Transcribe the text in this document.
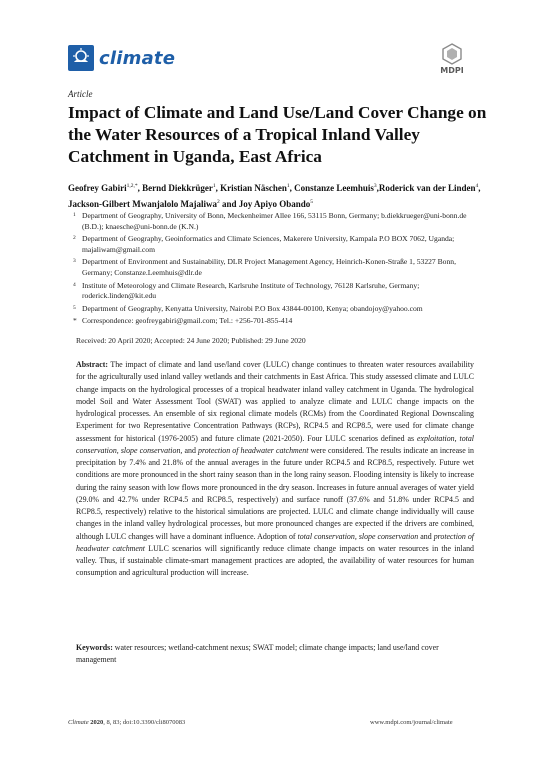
climate
MDPI
Article
Impact of Climate and Land Use/Land Cover Change on the Water Resources of a Tropical Inland Valley Catchment in Uganda, East Africa
Geofrey Gabiri$^{1,2,*}$, Bernd Diekkrüger$^1$, Kristian Näschen$^1$, Constanze Leemhuis$^3$,Roderick van der Linden$^4$, Jackson-Gilbert Mwanjalolo Majaliwa$^2$ and Joy Apiyo Obando$^5$
1 Department of Geography, University of Bonn, Meckenheimer Allee 166, 53115 Bonn, Germany; b.diekkrueger@uni-bonn.de (B.D.); knaesche@uni-bonn.de (K.N.)
2 Department of Geography, Geoinformatics and Climate Sciences, Makerere University, Kampala P.O BOX 7062, Uganda; majaliwam@gmail.com
3 Department of Environment and Sustainability, DLR Project Management Agency, Heinrich-Konen-Straße 1, 53227 Bonn, Germany; Constanze.Leemhuis@dlr.de
4 Institute of Meteorology and Climate Research, Karlsruhe Institute of Technology, 76128 Karlsruhe, Germany; roderick.linden@kit.edu
5 Department of Geography, Kenyatta University, Nairobi P.O Box 43844-00100, Kenya; obandojoy@yahoo.com
* Correspondence: geofreygabiri@gmail.com; Tel.: +256-701-855-414
Received: 20 April 2020; Accepted: 24 June 2020; Published: 29 June 2020
Abstract: The impact of climate and land use/land cover (LULC) change continues to threaten water resources availability for the agriculturally used inland valley wetlands and their catchments in East Africa. This study assessed climate and LULC change impacts on the hydrological processes of a tropical headwater inland valley catchment in Uganda. The hydrological model Soil and Water Assessment Tool (SWAT) was applied to analyze climate and LULC change impacts on the hydrological processes. An ensemble of six regional climate models (RCMs) from the Coordinated Regional Downscaling Experiment for two Representative Concentration Pathways (RCPs), RCP4.5 and RCP8.5, were used for climate change assessment for historical (1976-2005) and future climate (2021-2050). Four LULC scenarios defined as exploitation, total conservation, slope conservation, and protection of headwater catchment were considered. The results indicate an increase in precipitation by 7.4% and 21.8% of the annual averages in the future under RCP4.5 and RCP8.5, respectively. Future wet conditions are more pronounced in the short rainy season than in the long rainy season. Flooding intensity is likely to increase during the rainy season with low flows more pronounced in the dry season. Increases in future annual averages of water yield (29.0% and 42.7% under RCP4.5 and RCP8.5, respectively) and surface runoff (37.6% and 51.8% under RCP4.5 and RCP8.5, respectively) relative to the historical simulations are projected. LULC and climate change individually will cause changes in the inland valley hydrological processes, but more pronounced changes are expected if the drivers are combined, although LULC changes will have a dominant influence. Adoption of total conservation, slope conservation and protection of headwater catchment LULC scenarios will significantly reduce climate change impacts on water resources in the inland valley. Thus, if sustainable climate-smart management practices are adopted, the availability of water resources for human consumption and agricultural production will increase.
Keywords: water resources; wetland-catchment nexus; SWAT model; climate change impacts; land use/land cover management
Climate 2020, 8, 83; doi:10.3390/cli8070083	www.mdpi.com/journal/climate
